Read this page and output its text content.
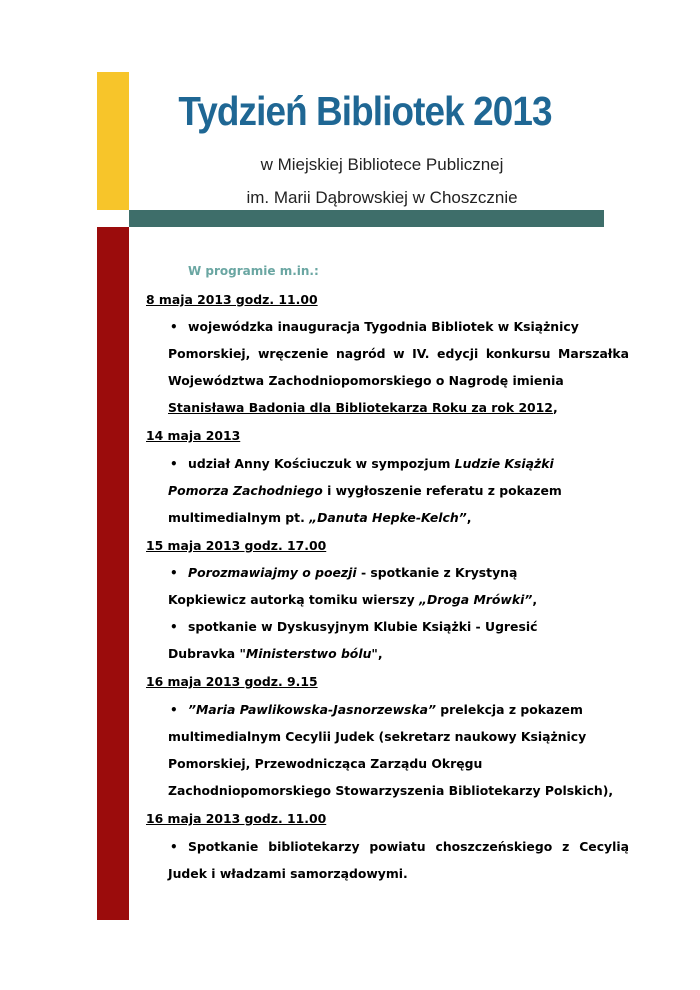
Tydzień Bibliotek 2013
w Miejskiej Bibliotece Publicznej
im. Marii Dąbrowskiej w Choszcznie
W programie m.in.:
8 maja 2013 godz. 11.00
• wojewódzka inauguracja Tygodnia Bibliotek w Książnicy
Pomorskiej, wręczenie nagród w IV. edycji konkursu Marszałka
Województwa Zachodniopomorskiego o Nagrodę imienia
Stanisława Badonia dla Bibliotekarza Roku za rok 2012,
14 maja 2013
• udział Anny Kościuczuk w sympozjum Ludzie Książki
Pomorza Zachodniego i wygłoszenie referatu z pokazem
multimedialnym pt. „Danuta Hepke-Kelch”,
15 maja 2013 godz. 17.00
• Porozmawiajmy o poezji - spotkanie z Krystyną
Kopkiewicz autorką tomiku wierszy „Droga Mrówki”,
• spotkanie w Dyskusyjnym Klubie Książki - Ugresić
Dubravka "Ministerstwo bólu",
16 maja 2013 godz. 9.15
• ”Maria Pawlikowska-Jasnorzewska” prelekcja z pokazem
multimedialnym Cecylii Judek (sekretarz naukowy Książnicy
Pomorskiej, Przewodnicząca Zarządu Okręgu
Zachodniopomorskiego Stowarzyszenia Bibliotekarzy Polskich),
16 maja 2013 godz. 11.00
• Spotkanie bibliotekarzy powiatu choszczeńskiego z Cecylią
Judek i władzami samorządowymi.
